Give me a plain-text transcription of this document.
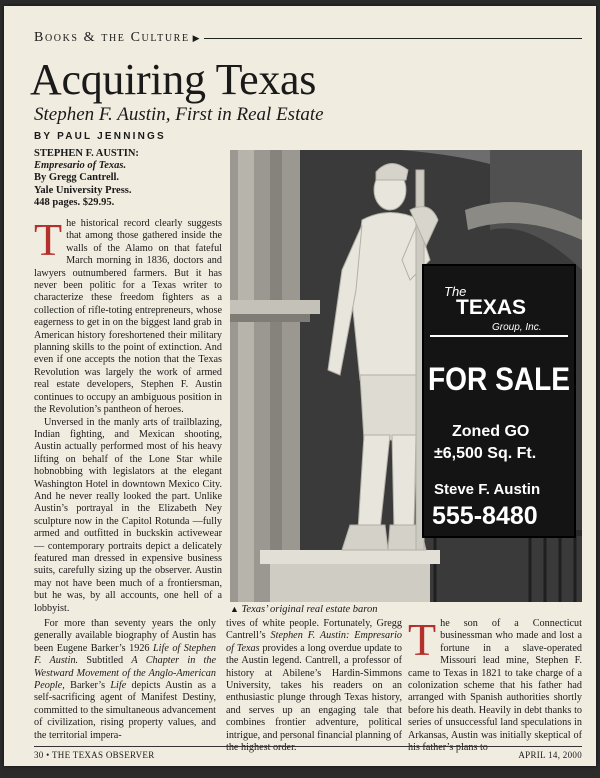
Books & the Culture ▶
Acquiring Texas
Stephen F. Austin, First in Real Estate
BY PAUL JENNINGS
STEPHEN F. AUSTIN:
Empresario of Texas.
By Gregg Cantrell.
Yale University Press.
448 pages. $29.95.

The historical record clearly suggests that among those gathered inside the walls of the Alamo on that fateful March morning in 1836, doctors and lawyers outnumbered farmers. But it has never been politic for a Texas writer to characterize these freedom fighters as a collection of rifle-toting entrepreneurs, whose eagerness to get in on the biggest land grab in American history foreshortened their military planning skills to the point of extinction. And even if one accepts the notion that the Texas Revolution was largely the work of armed real estate developers, Stephen F. Austin continues to occupy an ambiguous position in the Revolution’s pantheon of heroes.

Unversed in the manly arts of trailblazing, Indian fighting, and Mexican shooting, Austin actually performed most of his heavy lifting on behalf of the Lone Star while hobnobbing with legislators at the elegant Washington Hotel in downtown Mexico City. And he never really looked the part. Unlike Austin’s portrayal in the Elizabeth Ney sculpture now in the Capitol Rotunda —fully armed and outfitted in buckskin activewear — contemporary portraits depict a delicately featured man dressed in expensive business suits, carefully sizing up the observer. Austin may not have been much of a frontiersman, but he was, by all accounts, one hell of a lobbyist.

The
TEXAS
Group, Inc.
FOR SALE
Zoned GO
±6,500 Sq. Ft.
Steve F. Austin
555-8480
▲ Texas’ original real estate baron

For more than seventy years the only generally available biography of Austin has been Eugene Barker’s 1926 Life of Stephen F. Austin. Subtitled A Chapter in the Westward Movement of the Anglo-American People, Barker’s Life depicts Austin as a self-sacrificing agent of Manifest Destiny, committed to the simultaneous advancement of civilization, rising property values, and the territorial impera-

tives of white people. Fortunately, Gregg Cantrell’s Stephen F. Austin: Empresario of Texas provides a long overdue update to the Austin legend. Cantrell, a professor of history at Abilene’s Hardin-Simmons University, takes his readers on an enthusiastic plunge through Texas history, and serves up an engaging tale that combines frontier adventure, political intrigue, and personal financial planning of the highest order.

The son of a Connecticut businessman who made and lost a fortune in a slave-operated Missouri lead mine, Stephen F. came to Texas in 1821 to take charge of a colonization scheme that his father had arranged with Spanish authorities shortly before his death. Heavily in debt thanks to series of unsuccessful land speculations in Arkansas, Austin was initially skeptical of his father’s plans to

30 • THE TEXAS OBSERVER	APRIL 14, 2000
